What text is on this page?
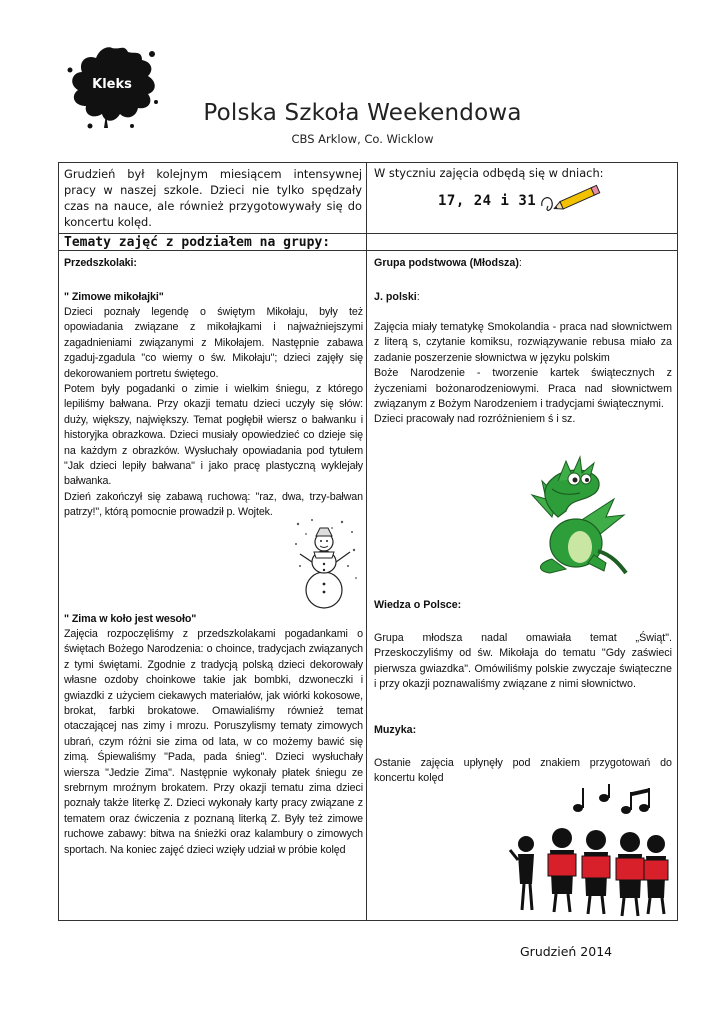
Kleks
Polska Szkoła Weekendowa
CBS Arklow, Co. Wicklow
Grudzień był kolejnym miesiącem intensywnej pracy w naszej szkole. Dzieci nie tylko spędzały czas na nauce, ale również przygotowywały się do koncertu kolęd.
W styczniu zajęcia odbędą się w dniach:
17, 24 i 31
Tematy zajęć z podziałem na grupy:
Przedszkolaki:
" Zimowe mikołajki"

Dzieci poznały legendę o świętym Mikołaju, były też opowiadania związane z mikołajkami i najważniejszymi zagadnieniami związanymi z Mikołajem. Następnie zabawa zgaduj-zgadula "co wiemy o św. Mikołaju"; dzieci zajęły się dekorowaniem portretu świętego.

Potem były pogadanki o zimie i wielkim śniegu, z którego lepiliśmy bałwana. Przy okazji tematu dzieci uczyły się słów: duży, większy, największy. Temat pogłębił wiersz o bałwanku i historyjka obrazkowa. Dzieci musiały opowiedzieć co dzieje się na każdym z obrazków. Wysłuchały opowiadania pod tytułem "Jak dzieci lepiły bałwana" i jako pracę plastyczną wyklejały bałwanka.

Dzień zakończył się zabawą ruchową: "raz, dwa, trzy-bałwan patrzy!", którą pomocnie prowadził p. Wojtek.

" Zima w koło jest wesoło"

Zajęcia rozpoczęliśmy z przedszkolakami pogadankami o świętach Bożego Narodzenia: o choince, tradycjach związanych z tymi świętami. Zgodnie z tradycją polską dzieci dekorowały własne ozdoby choinkowe takie jak bombki, dzwoneczki i gwiazdki z użyciem ciekawych materiałów, jak wiórki kokosowe, brokat, farbki brokatowe. Omawialiśmy również temat otaczającej nas zimy i mrozu. Poruszylismy tematy zimowych ubrań, czym różni sie zima od lata, w co możemy bawić się zimą. Śpiewaliśmy "Pada, pada śnieg". Dzieci wysłuchały wiersza "Jedzie Zima". Następnie wykonały płatek śniegu ze srebrnym mroźnym brokatem. Przy okazji tematu zima dzieci poznały także literkę Z. Dzieci wykonały karty pracy związane z tematem oraz ćwiczenia z poznaną literką Z. Były też zimowe ruchowe zabawy: bitwa na śnieżki oraz kalambury o zimowych sportach. Na koniec zajęć dzieci wzięły udział w próbie kolęd

Grupa podstwowa (Młodsza):
J. polski:

Zajęcia miały tematykę Smokolandia - praca nad słownictwem z literą s, czytanie komiksu, rozwiązywanie rebusa miało za zadanie poszerzenie słownictwa w języku polskim

Boże Narodzenie - tworzenie kartek świątecznych z życzeniami bożonarodzeniowymi. Praca nad słownictwem związanym z Bożym Narodzeniem i tradycjami świątecznymi.

Dzieci pracowały nad rozróżnieniem ś i sz.

Wiedza o Polsce:

Grupa młodsza nadal omawiała temat „Świąt". Przeskoczyliśmy od św. Mikołaja do tematu "Gdy zaświeci pierwsza gwiazdka". Omówiliśmy polskie zwyczaje świąteczne i przy okazji poznawaliśmy związane z nimi słownictwo.

Muzyka:

Ostanie zajęcia upłynęły pod znakiem przygotowań do koncertu kolęd

Grudzień 2014
